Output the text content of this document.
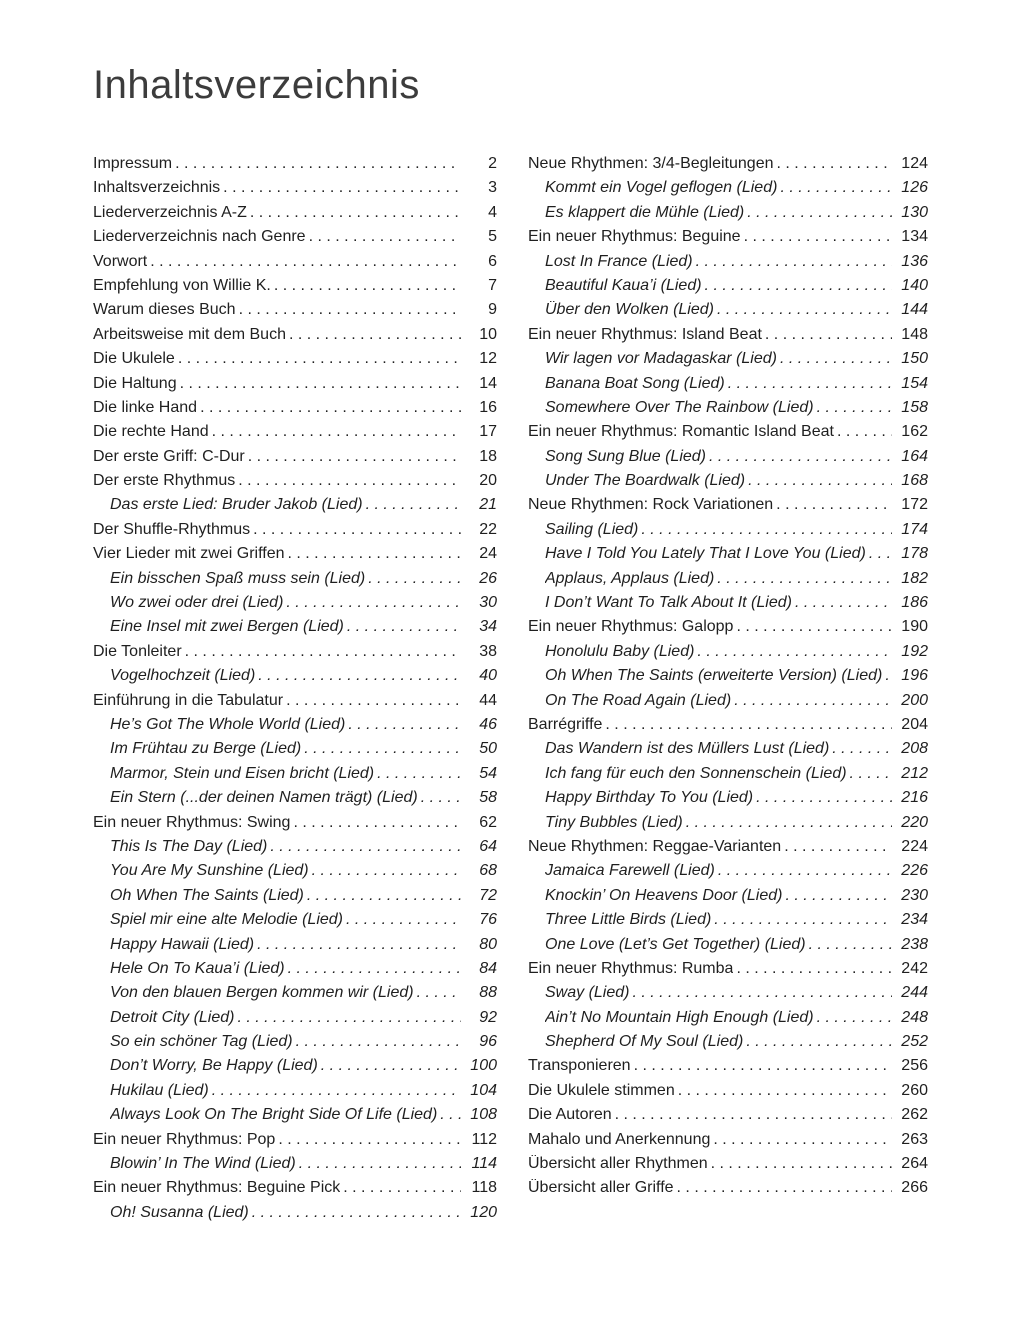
Inhaltsverzeichnis
Impressum . . .	2
Inhaltsverzeichnis . . .	3
Liederverzeichnis A-Z . . .	4
Liederverzeichnis nach Genre . . .	5
Vorwort . . .	6
Empfehlung von Willie K. . . .	7
Warum dieses Buch . . .	9
Arbeitsweise mit dem Buch . . .	10
Die Ukulele . . .	12
Die Haltung . . .	14
Die linke Hand . . .	16
Die rechte Hand . . .	17
Der erste Griff: C-Dur . . .	18
Der erste Rhythmus . . .	20
Das erste Lied: Bruder Jakob (Lied) . . .	21
Der Shuffle-Rhythmus . . .	22
Vier Lieder mit zwei Griffen . . .	24
Ein bisschen Spaß muss sein (Lied) . . .	26
Wo zwei oder drei (Lied) . . .	30
Eine Insel mit zwei Bergen (Lied) . . .	34
Die Tonleiter . . .	38
Vogelhochzeit (Lied) . . .	40
Einführung in die Tabulatur . . .	44
He’s Got The Whole World (Lied) . . .	46
Im Frühtau zu Berge (Lied) . . .	50
Marmor, Stein und Eisen bricht (Lied) . . .	54
Ein Stern (...der deinen Namen trägt) (Lied) . . .	58
Ein neuer Rhythmus: Swing . . .	62
This Is The Day (Lied) . . .	64
You Are My Sunshine (Lied) . . .	68
Oh When The Saints (Lied) . . .	72
Spiel mir eine alte Melodie (Lied) . . .	76
Happy Hawaii (Lied) . . .	80
Hele On To Kaua’i (Lied) . . .	84
Von den blauen Bergen kommen wir (Lied) . . .	88
Detroit City (Lied) . . .	92
So ein schöner Tag (Lied) . . .	96
Don’t Worry, Be Happy (Lied) . . .	100
Hukilau (Lied) . . .	104
Always Look On The Bright Side Of Life (Lied) . . .	108
Ein neuer Rhythmus: Pop . . .	112
Blowin’ In The Wind (Lied) . . .	114
Ein neuer Rhythmus: Beguine Pick . . .	118
Oh! Susanna (Lied) . . .	120
Neue Rhythmen: 3/4-Begleitungen . . .	124
Kommt ein Vogel geflogen (Lied) . . .	126
Es klappert die Mühle (Lied) . . .	130
Ein neuer Rhythmus: Beguine . . .	134
Lost In France (Lied) . . .	136
Beautiful Kaua’i (Lied) . . .	140
Über den Wolken (Lied) . . .	144
Ein neuer Rhythmus: Island Beat . . .	148
Wir lagen vor Madagaskar (Lied) . . .	150
Banana Boat Song (Lied) . . .	154
Somewhere Over The Rainbow (Lied) . . .	158
Ein neuer Rhythmus: Romantic Island Beat . . .	162
Song Sung Blue (Lied) . . .	164
Under The Boardwalk (Lied) . . .	168
Neue Rhythmen: Rock Variationen . . .	172
Sailing (Lied) . . .	174
Have I Told You Lately That I Love You (Lied) . . .	178
Applaus, Applaus (Lied) . . .	182
I Don’t Want To Talk About It (Lied) . . .	186
Ein neuer Rhythmus: Galopp . . .	190
Honolulu Baby (Lied) . . .	192
Oh When The Saints (erweiterte Version) (Lied) . . .	196
On The Road Again (Lied) . . .	200
Barrégriffe . . .	204
Das Wandern ist des Müllers Lust (Lied) . . .	208
Ich fang für euch den Sonnenschein (Lied) . . .	212
Happy Birthday To You (Lied) . . .	216
Tiny Bubbles (Lied) . . .	220
Neue Rhythmen: Reggae-Varianten . . .	224
Jamaica Farewell (Lied) . . .	226
Knockin’ On Heavens Door (Lied) . . .	230
Three Little Birds (Lied) . . .	234
One Love (Let’s Get Together) (Lied) . . .	238
Ein neuer Rhythmus: Rumba . . .	242
Sway (Lied) . . .	244
Ain’t No Mountain High Enough (Lied) . . .	248
Shepherd Of My Soul (Lied) . . .	252
Transponieren . . .	256
Die Ukulele stimmen . . .	260
Die Autoren . . .	262
Mahalo und Anerkennung . . .	263
Übersicht aller Rhythmen . . .	264
Übersicht aller Griffe . . .	266
